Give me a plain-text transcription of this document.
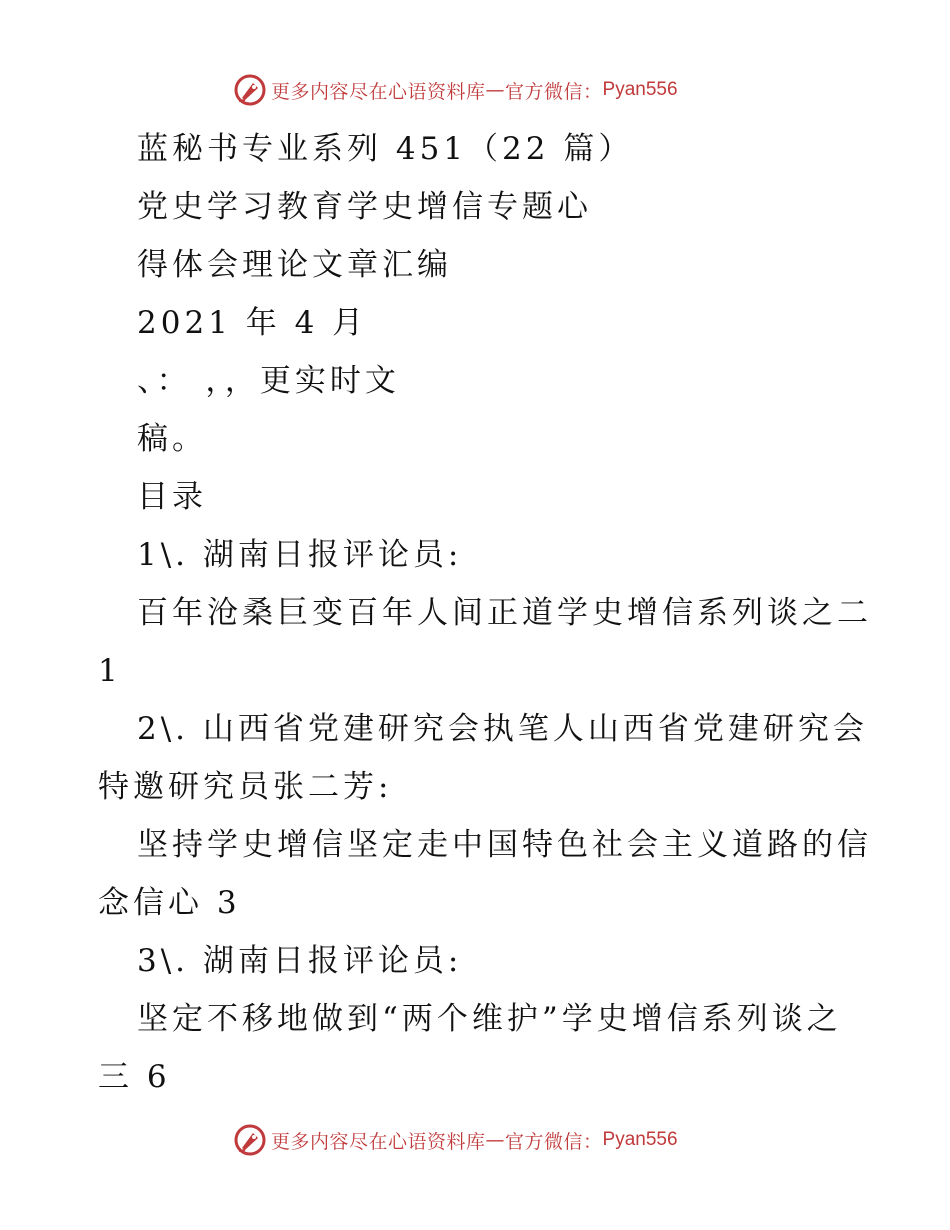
更多内容尽在心语资料库 — 官方微信： Pyan556
蓝秘书专业系列 451（22 篇）
党史学习教育学史增信专题心
得体会理论文章汇编
2021 年 4 月
、： ，，更实时文
稿。
目录
1\. 湖南日报评论员:
百年沧桑巨变百年人间正道学史增信系列谈之二
1
2\. 山西省党建研究会执笔人山西省党建研究会
特邀研究员张二芳:
坚持学史增信坚定走中国特色社会主义道路的信
念信心 3
3\. 湖南日报评论员:
坚定不移地做到“两个维护”学史增信系列谈之
三 6
更多内容尽在心语资料库 — 官方微信： Pyan556
